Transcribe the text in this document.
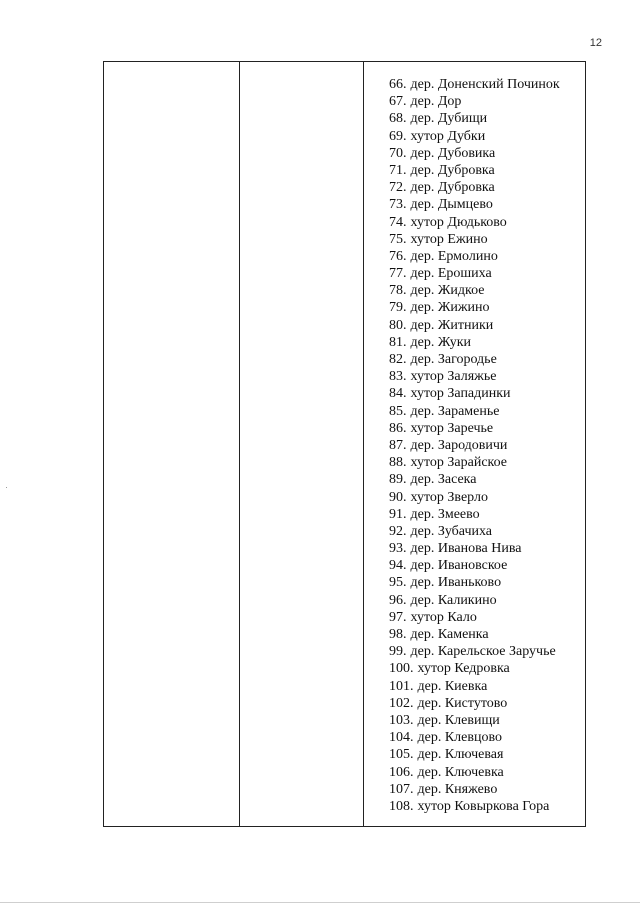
12
66. дер. Доненский Починок
67. дер. Дор
68. дер. Дубищи
69. хутор Дубки
70. дер. Дубовика
71. дер. Дубровка
72. дер. Дубровка
73. дер. Дымцево
74. хутор Дюдьково
75. хутор Ежино
76. дер. Ермолино
77. дер. Ерошиха
78. дер. Жидкое
79. дер. Жижино
80. дер. Житники
81. дер. Жуки
82. дер. Загородье
83. хутор Заляжье
84. хутор Западинки
85. дер. Зараменье
86. хутор Заречье
87. дер. Зародовичи
88. хутор Зарайское
89. дер. Засека
90. хутор Зверло
91. дер. Змеево
92. дер. Зубачиха
93. дер. Иванова Нива
94. дер. Ивановское
95. дер. Иваньково
96. дер. Каликино
97. хутор Кало
98. дер. Каменка
99. дер. Карельское Заручье
100. хутор Кедровка
101. дер. Киевка
102. дер. Кистутово
103. дер. Клевищи
104. дер. Клевцово
105. дер. Ключевая
106. дер. Ключевка
107. дер. Княжево
108. хутор Ковыркова Гора
